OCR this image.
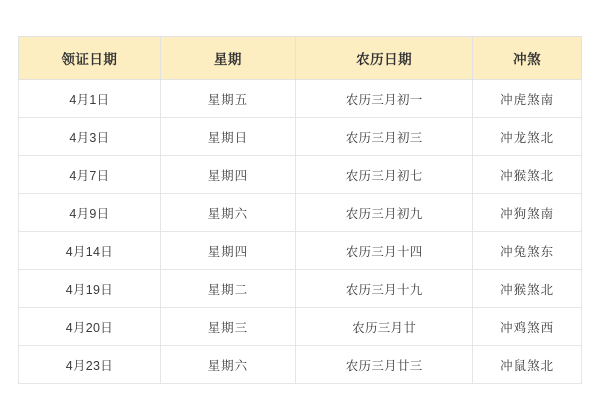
领证日期	星期	农历日期	冲煞
4月1日	星期五	农历三月初一	冲虎煞南
4月3日	星期日	农历三月初三	冲龙煞北
4月7日	星期四	农历三月初七	冲猴煞北
4月9日	星期六	农历三月初九	冲狗煞南
4月14日	星期四	农历三月十四	冲兔煞东
4月19日	星期二	农历三月十九	冲猴煞北
4月20日	星期三	农历三月廿	冲鸡煞西
4月23日	星期六	农历三月廿三	冲鼠煞北
